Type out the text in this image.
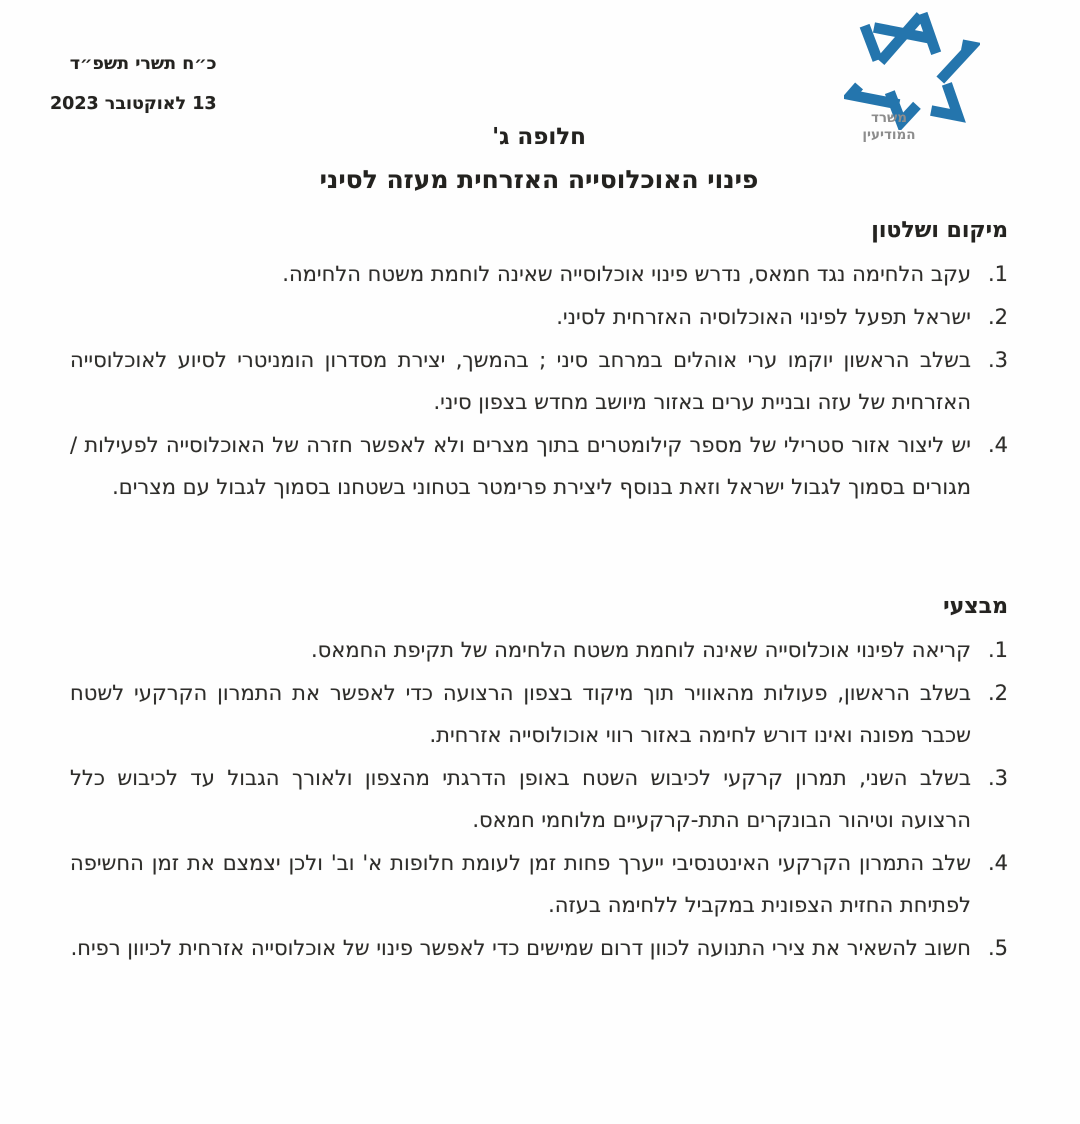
כ״ח תשרי תשפ״ד
13 לאוקטובר 2023
משרד
המודיעין
חלופה ג'
פינוי האוכלוסייה האזרחית מעזה לסיני
מיקום ושלטון
1.
עקב הלחימה נגד חמאס, נדרש פינוי אוכלוסייה שאינה לוחמת משטח הלחימה.
2.
ישראל תפעל לפינוי האוכלוסיה האזרחית לסיני.
3.
בשלב הראשון יוקמו ערי אוהלים במרחב סיני ; בהמשך, יצירת מסדרון הומניטרי לסיוע לאוכלוסייה האזרחית של עזה ובניית ערים באזור מיושב מחדש בצפון סיני.
4.
יש ליצור אזור סטרילי של מספר קילומטרים בתוך מצרים ולא לאפשר חזרה של האוכלוסייה לפעילות / מגורים בסמוך לגבול ישראל וזאת בנוסף ליצירת פרימטר בטחוני בשטחנו בסמוך לגבול עם מצרים.
מבצעי
1.
קריאה לפינוי אוכלוסייה שאינה לוחמת משטח הלחימה של תקיפת החמאס.
2.
בשלב הראשון, פעולות מהאוויר תוך מיקוד בצפון הרצועה כדי לאפשר את התמרון הקרקעי לשטח שכבר מפונה ואינו דורש לחימה באזור רווי אוכולוסייה אזרחית.
3.
בשלב השני, תמרון קרקעי לכיבוש השטח באופן הדרגתי מהצפון ולאורך הגבול עד לכיבוש כלל הרצועה וטיהור הבונקרים התת-קרקעיים מלוחמי חמאס.
4.
שלב התמרון הקרקעי האינטנסיבי ייערך פחות זמן לעומת חלופות א' וב' ולכן יצמצם את זמן החשיפה לפתיחת החזית הצפונית במקביל ללחימה בעזה.
5.
חשוב להשאיר את צירי התנועה לכוון דרום שמישים כדי לאפשר פינוי של אוכלוסייה אזרחית לכיוון רפיח.
